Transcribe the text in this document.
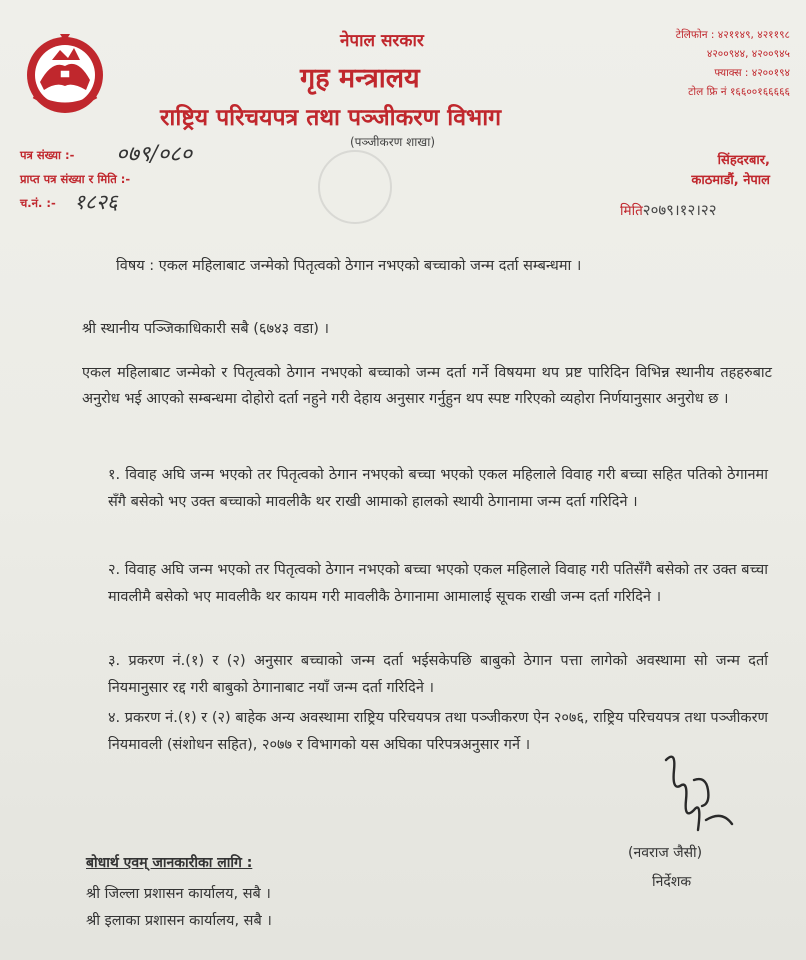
नेपाल सरकार
गृह मन्त्रालय
राष्ट्रिय परिचयपत्र तथा पञ्जीकरण विभाग
(पञ्जीकरण शाखा)
टेलिफोन : ४२११४९, ४२११९८
४२००९४४, ४२००९४५
फ्याक्स : ४२००१९४
टोल फ्रि नं १६६००१६६६६६
पत्र संख्या :- ०७९/०८०
प्राप्त पत्र संख्या र मिति :-
च.नं. :- १८२६
सिंहदरबार,
काठमाडौं, नेपाल
मिति२०७९।१२।२२
विषय : एकल महिलाबाट जन्मेको पितृत्वको ठेगान नभएको बच्चाको जन्म दर्ता सम्बन्धमा ।
श्री स्थानीय पञ्जिकाधिकारी सबै (६७४३ वडा) ।
एकल महिलाबाट जन्मेको र पितृत्वको ठेगान नभएको बच्चाको जन्म दर्ता गर्ने विषयमा थप प्रष्ट पारिदिन विभिन्न स्थानीय तहहरुबाट अनुरोध भई आएको सम्बन्धमा दोहोरो दर्ता नहुने गरी देहाय अनुसार गर्नुहुन थप स्पष्ट गरिएको व्यहोरा निर्णयानुसार अनुरोध छ ।
१. विवाह अघि जन्म भएको तर पितृत्वको ठेगान नभएको बच्चा भएको एकल महिलाले विवाह गरी बच्चा सहित पतिको ठेगानमा सँगै बसेको भए उक्त बच्चाको मावलीकै थर राखी आमाको हालको स्थायी ठेगानामा जन्म दर्ता गरिदिने ।
२. विवाह अघि जन्म भएको तर पितृत्वको ठेगान नभएको बच्चा भएको एकल महिलाले विवाह गरी पतिसँगै बसेको तर उक्त बच्चा मावलीमै बसेको भए मावलीकै थर कायम गरी मावलीकै ठेगानामा आमालाई सूचक राखी जन्म दर्ता गरिदिने ।
३. प्रकरण नं.(१) र (२) अनुसार बच्चाको जन्म दर्ता भईसकेपछि बाबुको ठेगान पत्ता लागेको अवस्थामा सो जन्म दर्ता नियमानुसार रद्द गरी बाबुको ठेगानाबाट नयाँ जन्म दर्ता गरिदिने ।
४. प्रकरण नं.(१) र (२) बाहेक अन्य अवस्थामा राष्ट्रिय परिचयपत्र तथा पञ्जीकरण ऐन २०७६, राष्ट्रिय परिचयपत्र तथा पञ्जीकरण नियमावली (संशोधन सहित), २०७७ र विभागको यस अघिका परिपत्रअनुसार गर्ने ।
(नवराज जैसी)
निर्देशक
बोधार्थ एवम् जानकारीका लागि :
श्री जिल्ला प्रशासन कार्यालय, सबै ।
श्री इलाका प्रशासन कार्यालय, सबै ।
